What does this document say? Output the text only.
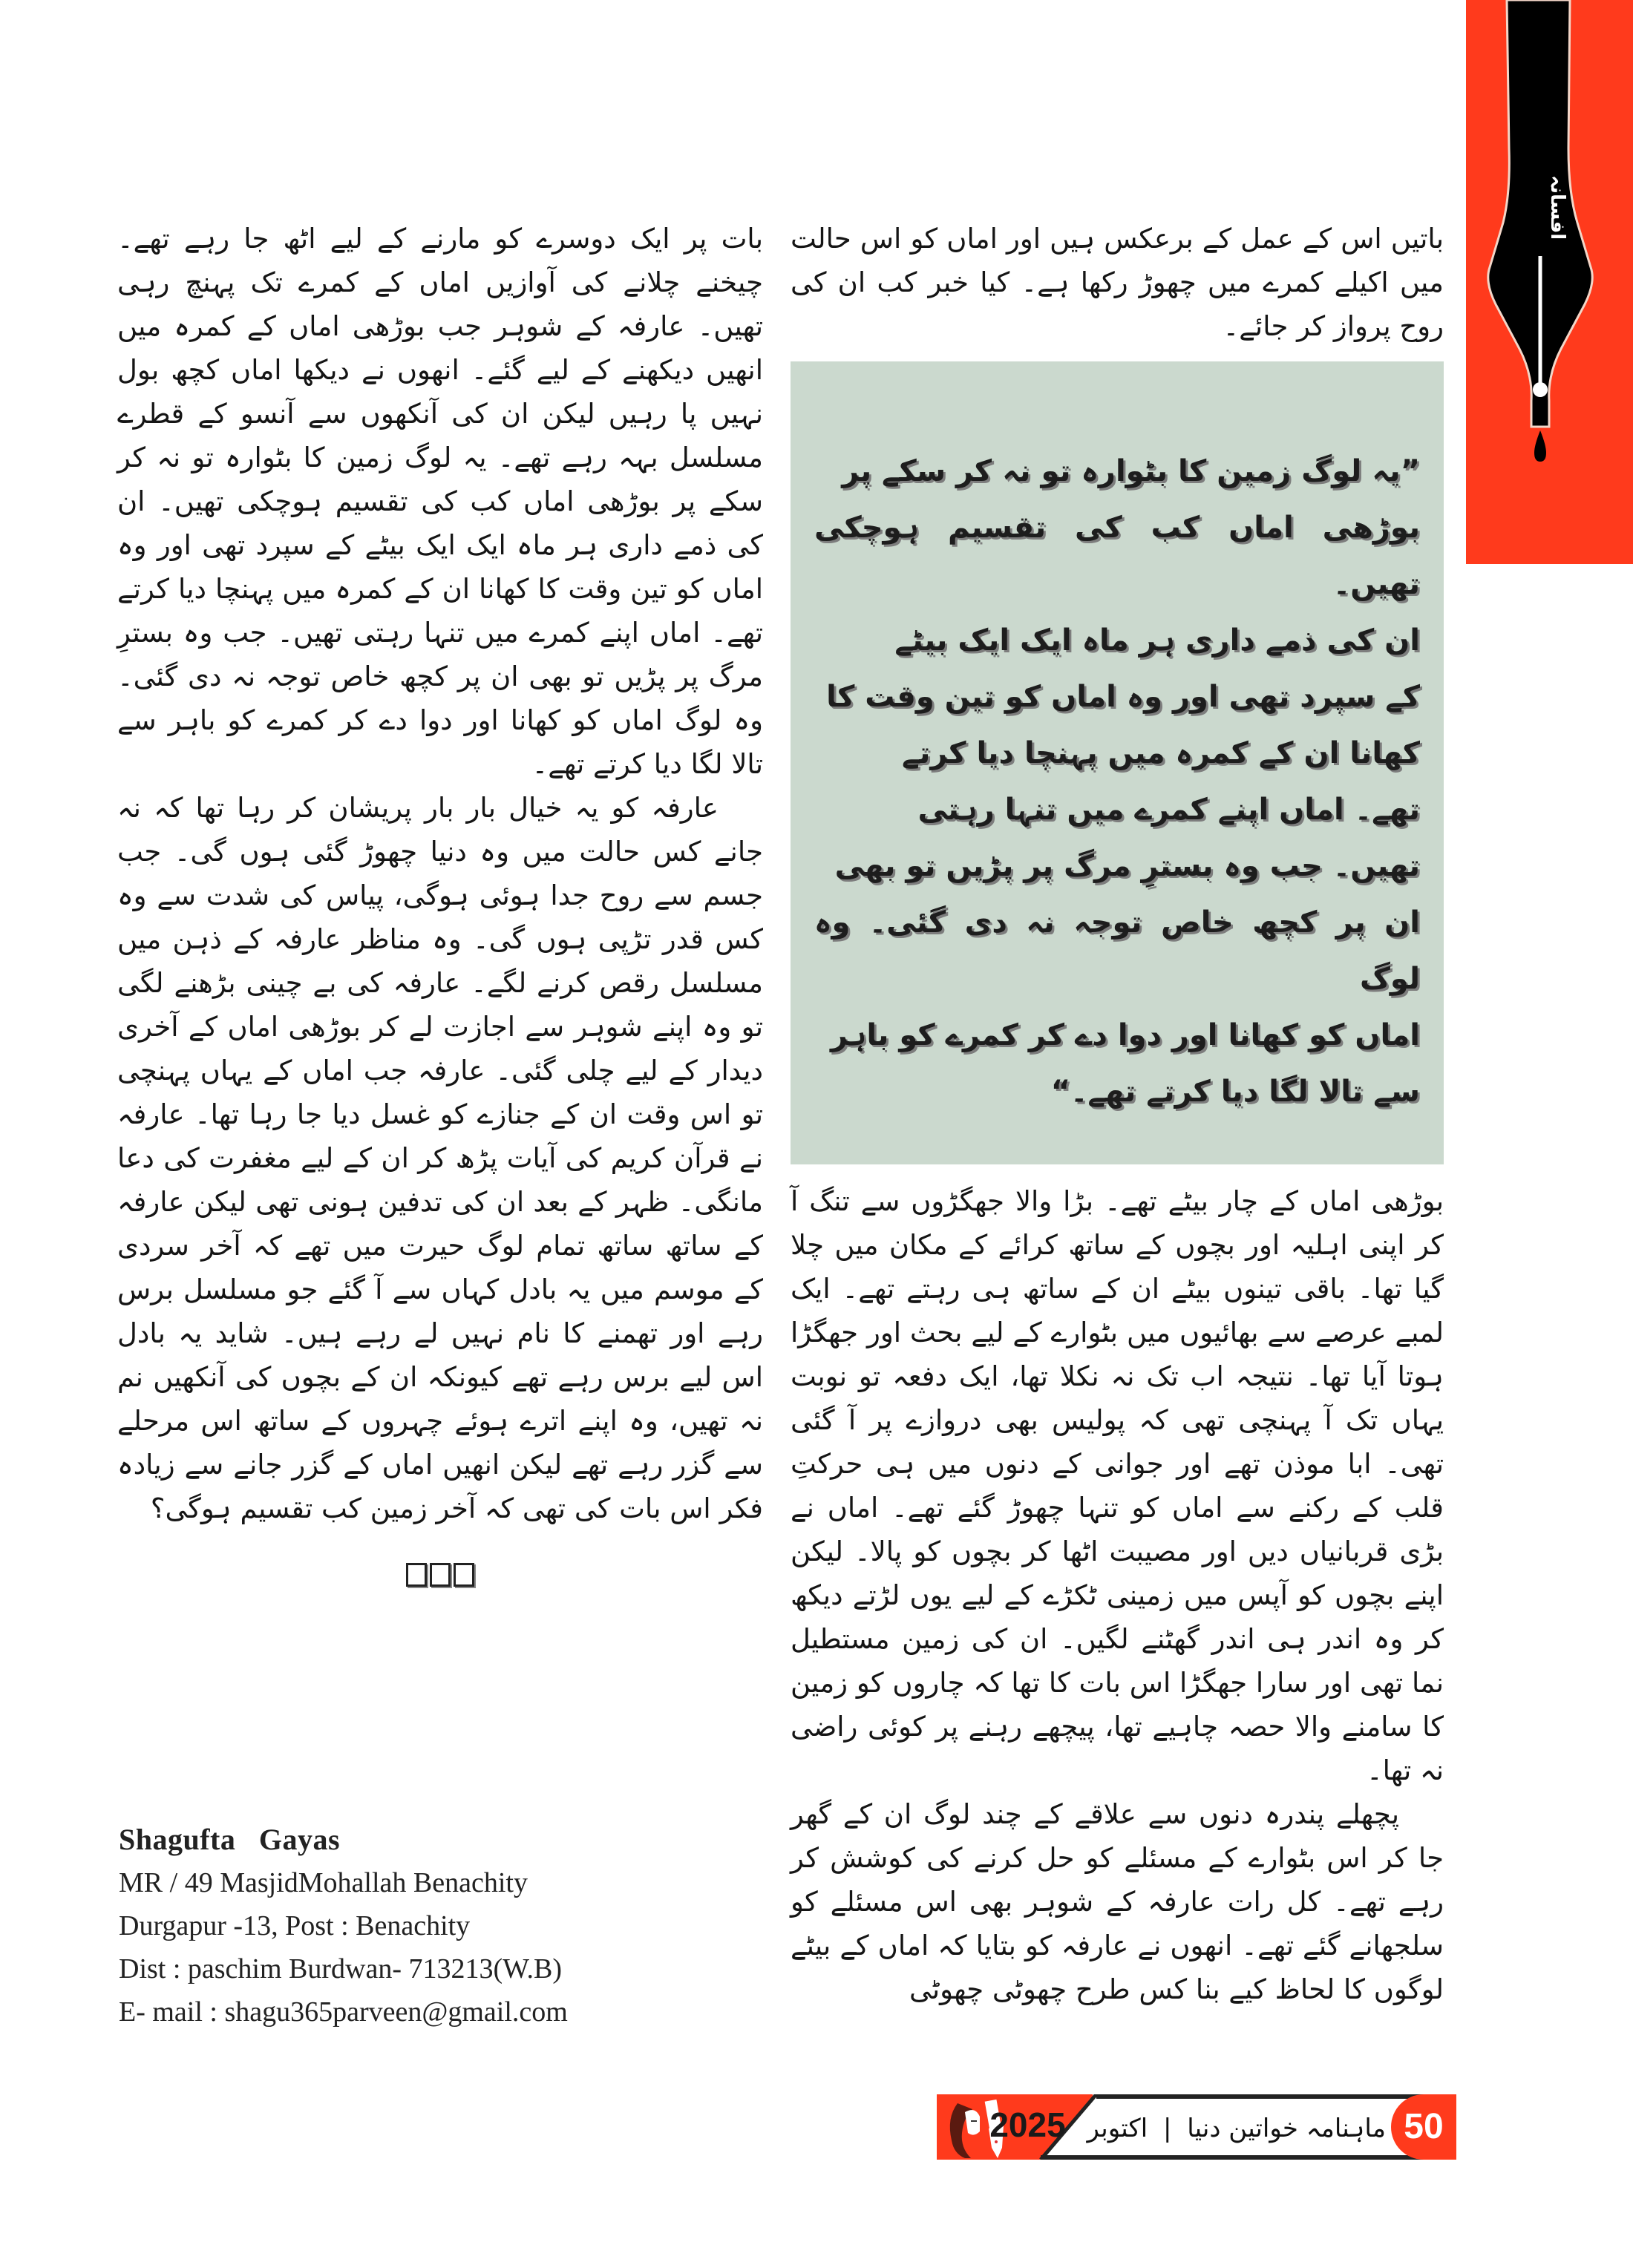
افسانہ

باتیں اس کے عمل کے برعکس ہیں اور اماں کو اس حالت میں اکیلے کمرے میں چھوڑ رکھا ہے۔ کیا خبر کب ان کی روح پرواز کر جائے۔

”یہ لوگ زمین کا بٹوارہ تو نہ کر سکے پر

بوڑھی اماں کب کی تقسیم ہوچکی تھیں۔

ان کی ذمے داری ہر ماہ ایک ایک بیٹے

کے سپرد تھی اور وہ اماں کو تین وقت کا

کھانا ان کے کمرہ میں پہنچا دیا کرتے

تھے۔ اماں اپنے کمرے میں تنہا رہتی

تھیں۔ جب وہ بسترِ مرگ پر پڑیں تو بھی

ان پر کچھ خاص توجہ نہ دی گئی۔ وہ لوگ

اماں کو کھانا اور دوا دے کر کمرے کو باہر

سے تالا لگا دیا کرتے تھے۔“

بوڑھی اماں کے چار بیٹے تھے۔ بڑا والا جھگڑوں سے تنگ آ کر اپنی اہلیہ اور بچوں کے ساتھ کرائے کے مکان میں چلا گیا تھا۔ باقی تینوں بیٹے ان کے ساتھ ہی رہتے تھے۔ ایک لمبے عرصے سے بھائیوں میں بٹوارے کے لیے بحث اور جھگڑا ہوتا آیا تھا۔ نتیجہ اب تک نہ نکلا تھا، ایک دفعہ تو نوبت یہاں تک آ پہنچی تھی کہ پولیس بھی دروازے پر آ گئی تھی۔ ابا موذن تھے اور جوانی کے دنوں میں ہی حرکتِ قلب کے رکنے سے اماں کو تنہا چھوڑ گئے تھے۔ اماں نے بڑی قربانیاں دیں اور مصیبت اٹھا کر بچوں کو پالا۔ لیکن اپنے بچوں کو آپس میں زمینی ٹکڑے کے لیے یوں لڑتے دیکھ کر وہ اندر ہی اندر گھٹنے لگیں۔ ان کی زمین مستطیل نما تھی اور سارا جھگڑا اس بات کا تھا کہ چاروں کو زمین کا سامنے والا حصہ چاہیے تھا، پیچھے رہنے پر کوئی راضی نہ تھا۔

پچھلے پندرہ دنوں سے علاقے کے چند لوگ ان کے گھر جا کر اس بٹوارے کے مسئلے کو حل کرنے کی کوشش کر رہے تھے۔ کل رات عارفہ کے شوہر بھی اس مسئلے کو سلجھانے گئے تھے۔ انھوں نے عارفہ کو بتایا کہ اماں کے بیٹے لوگوں کا لحاظ کیے بنا کس طرح چھوٹی چھوٹی

بات پر ایک دوسرے کو مارنے کے لیے اٹھ جا رہے تھے۔ چیخنے چلانے کی آوازیں اماں کے کمرے تک پہنچ رہی تھیں۔ عارفہ کے شوہر جب بوڑھی اماں کے کمرہ میں انھیں دیکھنے کے لیے گئے۔ انھوں نے دیکھا اماں کچھ بول نہیں پا رہیں لیکن ان کی آنکھوں سے آنسو کے قطرے مسلسل بہہ رہے تھے۔ یہ لوگ زمین کا بٹوارہ تو نہ کر سکے پر بوڑھی اماں کب کی تقسیم ہوچکی تھیں۔ ان کی ذمے داری ہر ماہ ایک ایک بیٹے کے سپرد تھی اور وہ اماں کو تین وقت کا کھانا ان کے کمرہ میں پہنچا دیا کرتے تھے۔ اماں اپنے کمرے میں تنہا رہتی تھیں۔ جب وہ بسترِ مرگ پر پڑیں تو بھی ان پر کچھ خاص توجہ نہ دی گئی۔ وہ لوگ اماں کو کھانا اور دوا دے کر کمرے کو باہر سے تالا لگا دیا کرتے تھے۔

عارفہ کو یہ خیال بار بار پریشان کر رہا تھا کہ نہ جانے کس حالت میں وہ دنیا چھوڑ گئی ہوں گی۔ جب جسم سے روح جدا ہوئی ہوگی، پیاس کی شدت سے وہ کس قدر تڑپی ہوں گی۔ وہ مناظر عارفہ کے ذہن میں مسلسل رقص کرنے لگے۔ عارفہ کی بے چینی بڑھنے لگی تو وہ اپنے شوہر سے اجازت لے کر بوڑھی اماں کے آخری دیدار کے لیے چلی گئی۔ عارفہ جب اماں کے یہاں پہنچی تو اس وقت ان کے جنازے کو غسل دیا جا رہا تھا۔ عارفہ نے قرآن کریم کی آیات پڑھ کر ان کے لیے مغفرت کی دعا مانگی۔ ظہر کے بعد ان کی تدفین ہونی تھی لیکن عارفہ کے ساتھ ساتھ تمام لوگ حیرت میں تھے کہ آخر سردی کے موسم میں یہ بادل کہاں سے آ گئے جو مسلسل برس رہے اور تھمنے کا نام نہیں لے رہے ہیں۔ شاید یہ بادل اس لیے برس رہے تھے کیونکہ ان کے بچوں کی آنکھیں نم نہ تھیں، وہ اپنے اترے ہوئے چہروں کے ساتھ اس مرحلے سے گزر رہے تھے لیکن انھیں اماں کے گزر جانے سے زیادہ فکر اس بات کی تھی کہ آخر زمین کب تقسیم ہوگی؟

Shagufta   Gayas
MR / 49 MasjidMohallah Benachity
Durgapur -13, Post : Benachity
Dist : paschim Burdwan- 713213(W.B)
E- mail : shagu365parveen@gmail.com
ماہنامہ خواتین دنیا | اکتوبر 2025	50
